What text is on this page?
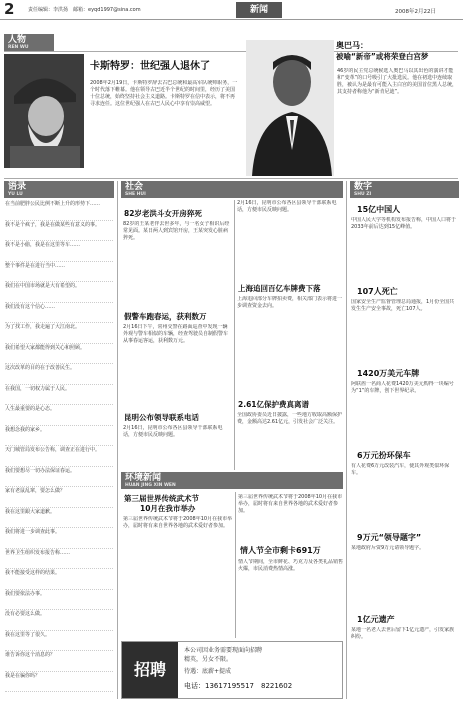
2	责任编辑：李洪扬　邮箱：eyqd1997@sina.com	新闻	2008年2月22日
人物
REN WU
卡斯特罗：世纪强人退休了
2008年2月19日，卡斯特罗辞去古巴总统和最高军队统帅职务，一个时代落下帷幕。他在领导古巴近半个世纪的时间里，经历了美国十位总统，始终坚持社会主义道路。卡斯特罗在信中表示，将不再寻求连任。这位世纪强人在古巴人民心中享有崇高威望。
奥巴马：
被喻“新帝”或将荣登白宫梦
46岁的民主党总统候选人奥巴马以其出色的演讲才能和“变革”的口号吸引了大批选民。他在初选中连续取胜，被认为是最有可能入主白宫的美国首位黑人总统，其支持者称他为“新肯尼迪”。
语录
YU LU
在当前肥胖公民比例不断上升的形势下……
我不是个疯子，我是在做某些有意义的事。
我不是小偷，我是在这里等车……
整个事件是在进行当中……
我们在中国市场就是大有希望的。
我们没有这个信心……
为了找工作，我走遍了大江南北。
我们希望大家都能得到关心和照顾。
这次改革的目的在于改善民生。
在我国，一切权力属于人民。
人生最重要的是心态。
我想念我的家乡。
天门城管局发布公告称，调查正在进行中。
我们要想尽一切办法保证春运。
家有老鼠乱窜，要怎么做？
我在这里跟大家道歉。
我们将进一步调查此事。
世界卫生组织发布报告称……
我不能接受这样的结果。
我们要依法办事。
没有必要这么做。
我在这里等了很久。
谁告诉你这个消息的？
我是在骗你吗？
社会
SHE HUI
82岁老洪斗女开房猝死
82岁的王某老伴去世多年，与一名女子相识后经常见面。某日两人到宾馆开房，王某突发心脏病猝死。
假警车跑春运，获利数万
2月16日下午，常州交警在路面巡查中发现一辆外观与警车相似的车辆，经查驾驶员自制假警车从事春运客运，获利数万元。
昆明公布领导联系电话
2月16日，昆明市公布各区县领导干部联系电话，方便市民反映问题。
2月16日，昆明市公布各区县领导干部联系电话，方便市民反映问题。
上海追回百亿车牌费下落
上海追回部分车牌拍卖费，相关部门表示将进一步调查资金去向。
2.61亿保护费真离谱
全国政协委员近日披露，一些地方收取高额保护费，金额高达2.61亿元，引发社会广泛关注。
环境新闻
HUAN JING XIN WEN
第三届世界传统武术节
10月在我市举办
第三届世界传统武术节将于2008年10月在我市举办，届时将有来自世界各地的武术爱好者参加。
第三届世界传统武术节将于2008年10月在我市举办，届时将有来自世界各地的武术爱好者参加。
情人节全市剩卡691万
情人节期间，全市鲜花、巧克力及各类礼品销售火爆，市民消费热情高涨。
招聘
本公司因业务需要现面向招聘
精英，另女不限。
待遇：底薪+提成
电话：13617195517　8221602
数字
SHU ZI
15亿中国人
中国人民大学等机构发布报告称，中国人口将于2033年前后达到15亿峰值。
107人死亡
国家安全生产监督管理总局通报，1月份全国共发生生产安全事故，死亡107人。
1420万美元车牌
阿联酋一名商人花费1420万美元购得一块编号为“1”的车牌，创下世界纪录。
6万元扮环保车
有人花费6万元改装汽车，使其外观类似环保车。
9万元“领导题字”
某地政府斥资9万元请领导题字。
1亿元遗产
某地一名老人去世后留下1亿元遗产，引发家族纠纷。
